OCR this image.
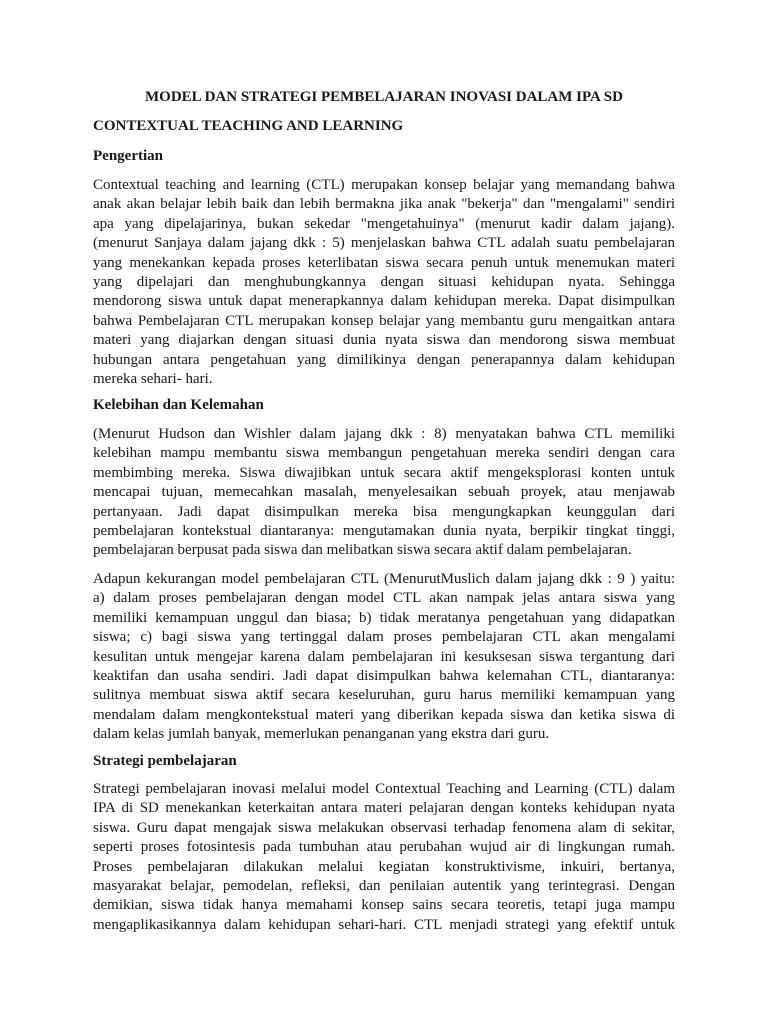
MODEL DAN STRATEGI PEMBELAJARAN INOVASI DALAM IPA SD
CONTEXTUAL TEACHING AND LEARNING
Pengertian
Contextual teaching and learning (CTL) merupakan konsep belajar yang memandang bahwa
anak akan belajar lebih baik dan lebih bermakna jika anak "bekerja" dan "mengalami" sendiri
apa yang dipelajarinya, bukan sekedar "mengetahuinya" (menurut kadir dalam jajang).
(menurut Sanjaya dalam jajang dkk : 5) menjelaskan bahwa CTL adalah suatu pembelajaran
yang menekankan kepada proses keterlibatan siswa secara penuh untuk menemukan materi
yang dipelajari dan menghubungkannya dengan situasi kehidupan nyata. Sehingga
mendorong siswa untuk dapat menerapkannya dalam kehidupan mereka. Dapat disimpulkan
bahwa Pembelajaran CTL merupakan konsep belajar yang membantu guru mengaitkan antara
materi yang diajarkan dengan situasi dunia nyata siswa dan mendorong siswa membuat
hubungan antara pengetahuan yang dimilikinya dengan penerapannya dalam kehidupan
mereka sehari- hari.
Kelebihan dan Kelemahan
(Menurut Hudson dan Wishler dalam jajang dkk : 8) menyatakan bahwa CTL memiliki
kelebihan mampu membantu siswa membangun pengetahuan mereka sendiri dengan cara
membimbing mereka. Siswa diwajibkan untuk secara aktif mengeksplorasi konten untuk
mencapai tujuan, memecahkan masalah, menyelesaikan sebuah proyek, atau menjawab
pertanyaan. Jadi dapat disimpulkan mereka bisa mengungkapkan keunggulan dari
pembelajaran kontekstual diantaranya: mengutamakan dunia nyata, berpikir tingkat tinggi,
pembelajaran berpusat pada siswa dan melibatkan siswa secara aktif dalam pembelajaran.
Adapun kekurangan model pembelajaran CTL (MenurutMuslich dalam jajang dkk : 9 ) yaitu:
a) dalam proses pembelajaran dengan model CTL akan nampak jelas antara siswa yang
memiliki kemampuan unggul dan biasa; b) tidak meratanya pengetahuan yang didapatkan
siswa; c) bagi siswa yang tertinggal dalam proses pembelajaran CTL akan mengalami
kesulitan untuk mengejar karena dalam pembelajaran ini kesuksesan siswa tergantung dari
keaktifan dan usaha sendiri. Jadi dapat disimpulkan bahwa kelemahan CTL, diantaranya:
sulitnya membuat siswa aktif secara keseluruhan, guru harus memiliki kemampuan yang
mendalam dalam mengkontekstual materi yang diberikan kepada siswa dan ketika siswa di
dalam kelas jumlah banyak, memerlukan penanganan yang ekstra dari guru.
Strategi pembelajaran
Strategi pembelajaran inovasi melalui model Contextual Teaching and Learning (CTL) dalam
IPA di SD menekankan keterkaitan antara materi pelajaran dengan konteks kehidupan nyata
siswa. Guru dapat mengajak siswa melakukan observasi terhadap fenomena alam di sekitar,
seperti proses fotosintesis pada tumbuhan atau perubahan wujud air di lingkungan rumah.
Proses pembelajaran dilakukan melalui kegiatan konstruktivisme, inkuiri, bertanya,
masyarakat belajar, pemodelan, refleksi, dan penilaian autentik yang terintegrasi. Dengan
demikian, siswa tidak hanya memahami konsep sains secara teoretis, tetapi juga mampu
mengaplikasikannya dalam kehidupan sehari-hari. CTL menjadi strategi yang efektif untuk
